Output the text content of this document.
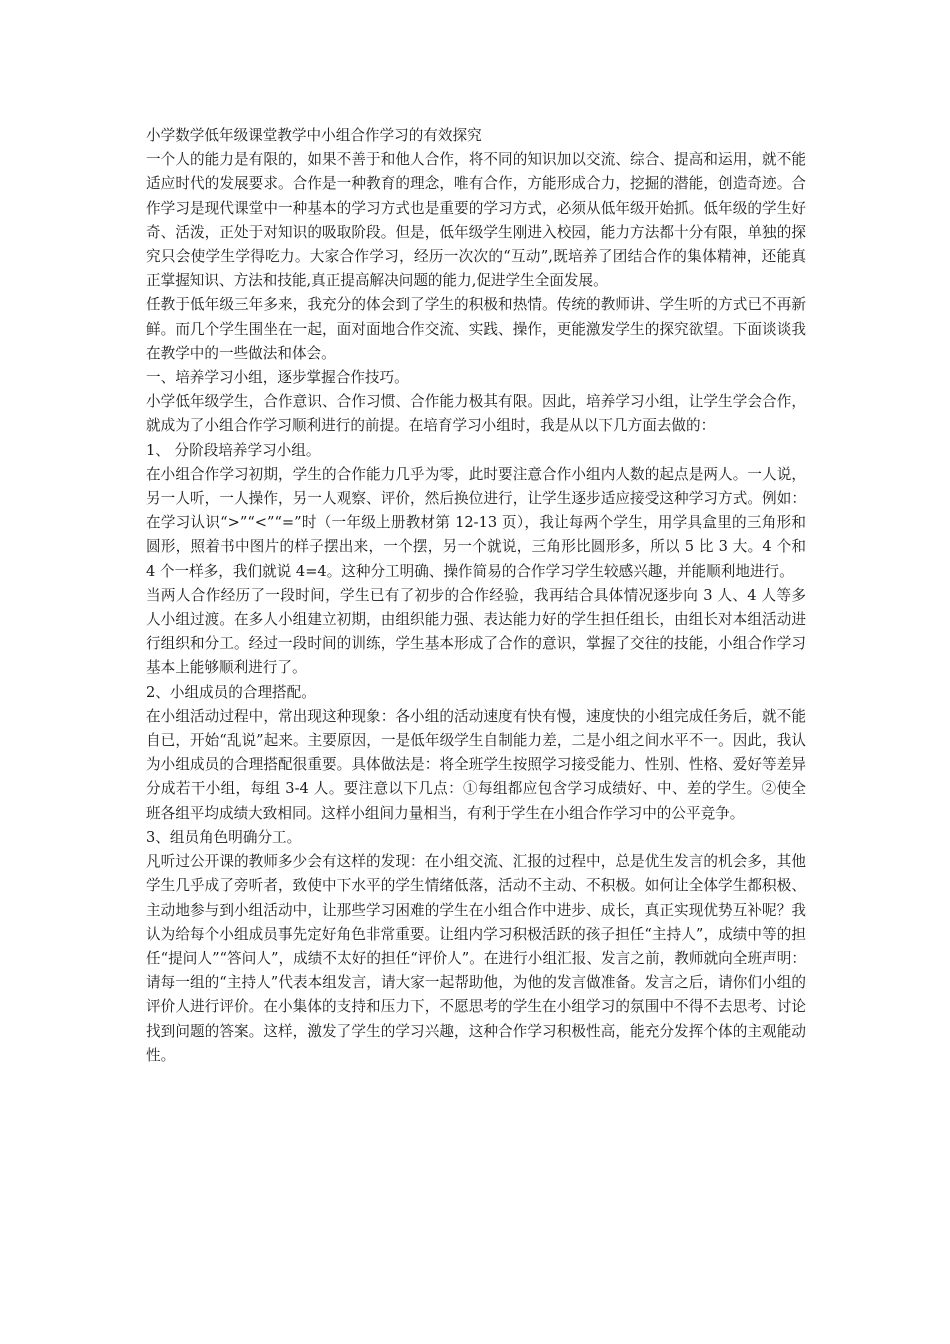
小学数学低年级课堂教学中小组合作学习的有效探究

一个人的能力是有限的，如果不善于和他人合作，将不同的知识加以交流、综合、提高和运用，就不能适应时代的发展要求。合作是一种教育的理念，唯有合作，方能形成合力，挖掘的潜能，创造奇迹。合作学习是现代课堂中一种基本的学习方式也是重要的学习方式，必须从低年级开始抓。低年级的学生好奇、活泼，正处于对知识的吸取阶段。但是，低年级学生刚进入校园，能力方法都十分有限，单独的探究只会使学生学得吃力。大家合作学习，经历一次次的“互动”,既培养了团结合作的集体精神，还能真正掌握知识、方法和技能,真正提高解决问题的能力,促进学生全面发展。

任教于低年级三年多来，我充分的体会到了学生的积极和热情。传统的教师讲、学生听的方式已不再新鲜。而几个学生围坐在一起，面对面地合作交流、实践、操作，更能激发学生的探究欲望。下面谈谈我在教学中的一些做法和体会。

一、培养学习小组，逐步掌握合作技巧。

小学低年级学生，合作意识、合作习惯、合作能力极其有限。因此，培养学习小组，让学生学会合作，就成为了小组合作学习顺利进行的前提。在培育学习小组时，我是从以下几方面去做的：

1、 分阶段培养学习小组。

在小组合作学习初期，学生的合作能力几乎为零，此时要注意合作小组内人数的起点是两人。一人说，另一人听，一人操作，另一人观察、评价，然后换位进行，让学生逐步适应接受这种学习方式。例如：在学习认识“>”“<”“=”时（一年级上册教材第 12-13 页），我让每两个学生，用学具盒里的三角形和圆形，照着书中图片的样子摆出来，一个摆，另一个就说，三角形比圆形多，所以 5 比 3 大。4 个和 4 个一样多，我们就说 4=4。这种分工明确、操作简易的合作学习学生较感兴趣，并能顺利地进行。

当两人合作经历了一段时间，学生已有了初步的合作经验，我再结合具体情况逐步向 3 人、4 人等多人小组过渡。在多人小组建立初期，由组织能力强、表达能力好的学生担任组长，由组长对本组活动进行组织和分工。经过一段时间的训练，学生基本形成了合作的意识，掌握了交往的技能，小组合作学习基本上能够顺利进行了。

2、小组成员的合理搭配。

在小组活动过程中，常出现这种现象：各小组的活动速度有快有慢，速度快的小组完成任务后，就不能自已，开始“乱说”起来。主要原因，一是低年级学生自制能力差，二是小组之间水平不一。因此，我认为小组成员的合理搭配很重要。具体做法是：将全班学生按照学习接受能力、性别、性格、爱好等差异分成若干小组，每组 3-4 人。要注意以下几点：①每组都应包含学习成绩好、中、差的学生。②使全班各组平均成绩大致相同。这样小组间力量相当，有利于学生在小组合作学习中的公平竞争。

3、组员角色明确分工。

凡听过公开课的教师多少会有这样的发现：在小组交流、汇报的过程中，总是优生发言的机会多，其他学生几乎成了旁听者，致使中下水平的学生情绪低落，活动不主动、不积极。如何让全体学生都积极、主动地参与到小组活动中，让那些学习困难的学生在小组合作中进步、成长，真正实现优势互补呢？我认为给每个小组成员事先定好角色非常重要。让组内学习积极活跃的孩子担任“主持人”，成绩中等的担任“提问人”“答问人”，成绩不太好的担任“评价人”。在进行小组汇报、发言之前，教师就向全班声明：请每一组的“主持人”代表本组发言，请大家一起帮助他，为他的发言做准备。发言之后，请你们小组的评价人进行评价。在小集体的支持和压力下，不愿思考的学生在小组学习的氛围中不得不去思考、讨论找到问题的答案。这样，激发了学生的学习兴趣，这种合作学习积极性高，能充分发挥个体的主观能动性。
